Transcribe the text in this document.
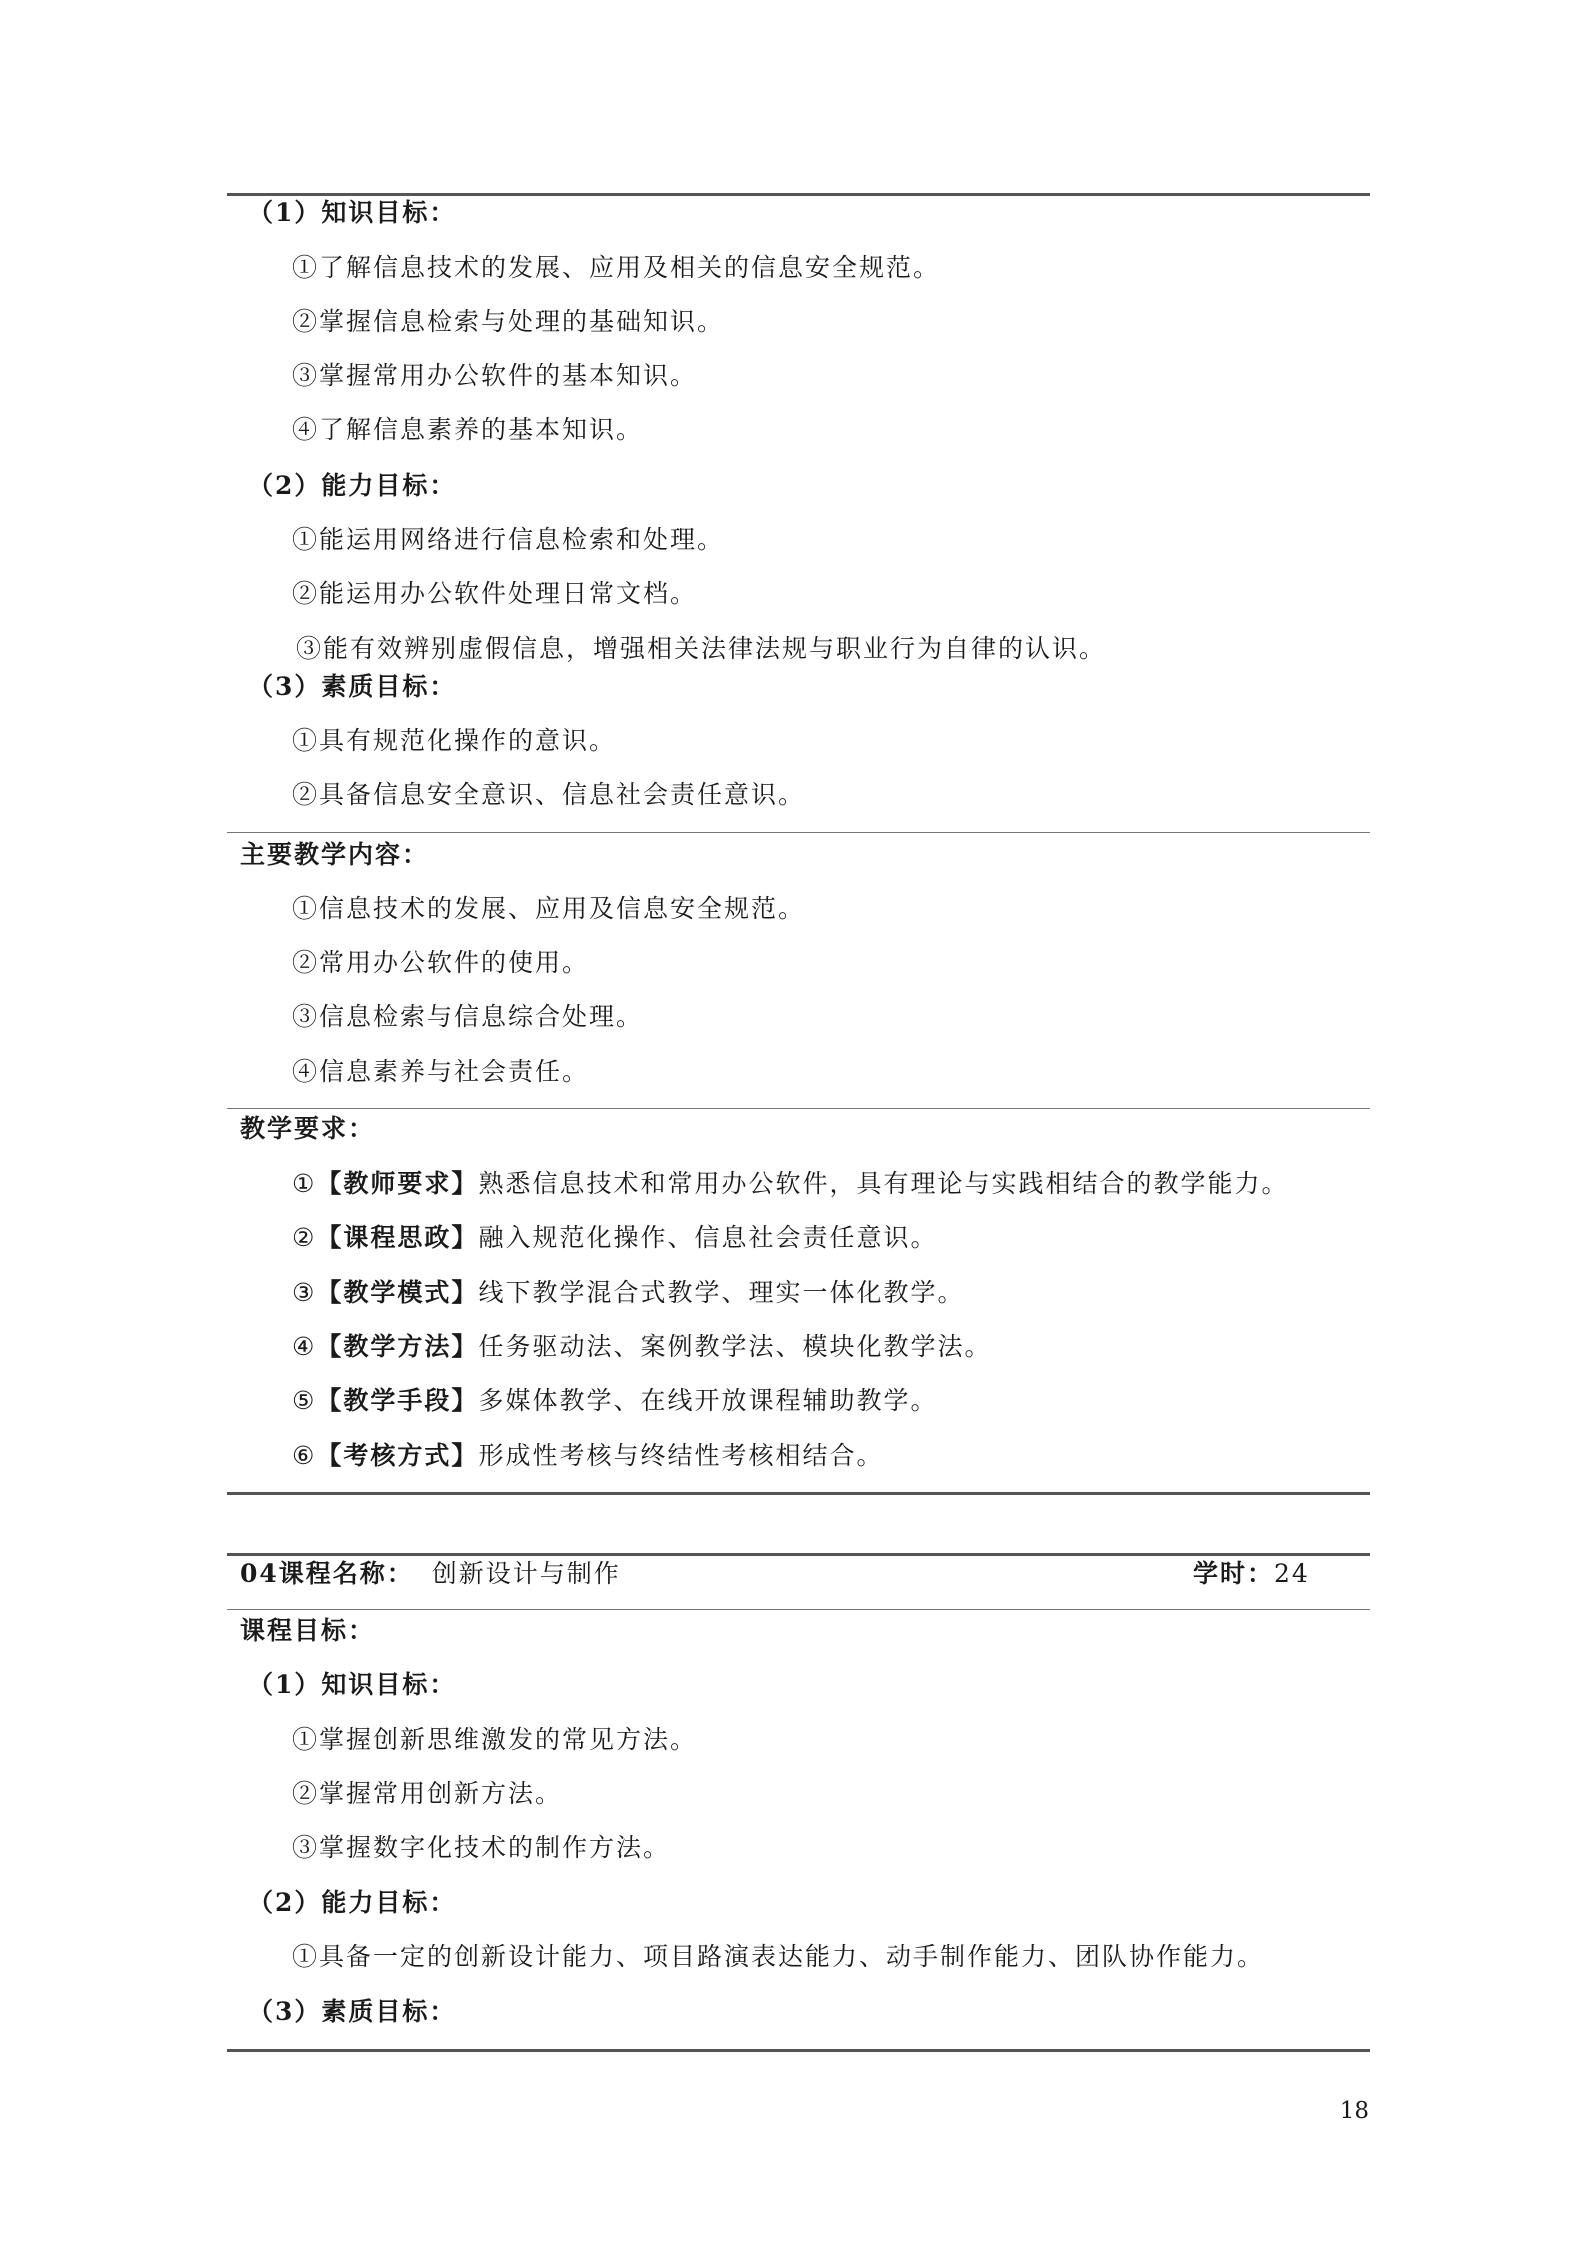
（1）知识目标：
①了解信息技术的发展、应用及相关的信息安全规范。
②掌握信息检索与处理的基础知识。
③掌握常用办公软件的基本知识。
④了解信息素养的基本知识。
（2）能力目标：
①能运用网络进行信息检索和处理。
②能运用办公软件处理日常文档。
③能有效辨别虚假信息，增强相关法律法规与职业行为自律的认识。
（3）素质目标：
①具有规范化操作的意识。
②具备信息安全意识、信息社会责任意识。
主要教学内容：
①信息技术的发展、应用及信息安全规范。
②常用办公软件的使用。
③信息检索与信息综合处理。
④信息素养与社会责任。
教学要求：
①【教师要求】熟悉信息技术和常用办公软件，具有理论与实践相结合的教学能力。
②【课程思政】融入规范化操作、信息社会责任意识。
③【教学模式】线下教学混合式教学、理实一体化教学。
④【教学方法】任务驱动法、案例教学法、模块化教学法。
⑤【教学手段】多媒体教学、在线开放课程辅助教学。
⑥【考核方式】形成性考核与终结性考核相结合。
04课程名称： 创新设计与制作	学时：24
课程目标：
（1）知识目标：
①掌握创新思维激发的常见方法。
②掌握常用创新方法。
③掌握数字化技术的制作方法。
（2）能力目标：
①具备一定的创新设计能力、项目路演表达能力、动手制作能力、团队协作能力。
（3）素质目标：
18
